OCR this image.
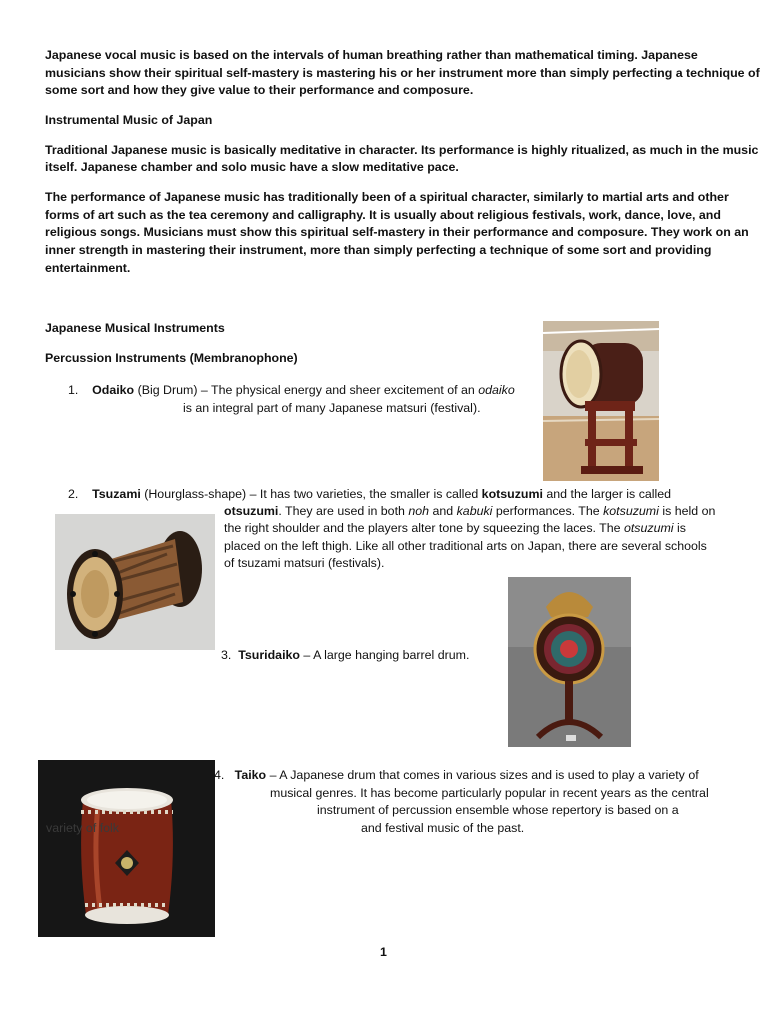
Japanese vocal music is based on the intervals of human breathing rather than mathematical timing. Japanese
musicians show their spiritual self-mastery is mastering his or her instrument more than simply perfecting a technique of
some sort and how they give value to their performance and composure.
Instrumental Music of Japan
Traditional Japanese music is basically meditative in character. Its performance is highly ritualized, as much in the music
itself. Japanese chamber and solo music have a slow meditative pace.
The performance of Japanese music has traditionally been of a spiritual character, similarly to martial arts and other
forms of art such as the tea ceremony and calligraphy. It is usually about religious festivals, work, dance, love, and
religious songs. Musicians must show this spiritual self-mastery in their performance and composure. They work on an
inner strength in mastering their instrument, more than simply perfecting a technique of some sort and providing
entertainment.
Japanese Musical Instruments
Percussion Instruments (Membranophone)
1. Odaiko (Big Drum) – The physical energy and sheer excitement of an odaiko
is an integral part of many Japanese matsuri (festival).
2. Tsuzami (Hourglass-shape) – It has two varieties, the smaller is called kotsuzumi and the larger is called
otsuzumi. They are used in both noh and kabuki performances. The kotsuzumi is held on
the right shoulder and the players alter tone by squeezing the laces. The otsuzumi is
placed on the left thigh. Like all other traditional arts on Japan, there are several schools
of tsuzami matsuri (festivals).
3. Tsuridaiko – A large hanging barrel drum.
4. Taiko – A Japanese drum that comes in various sizes and is used to play a variety of
musical genres. It has become particularly popular in recent years as the central
instrument of percussion ensemble whose repertory is based on a
and festival music of the past.
variety of folk
1
